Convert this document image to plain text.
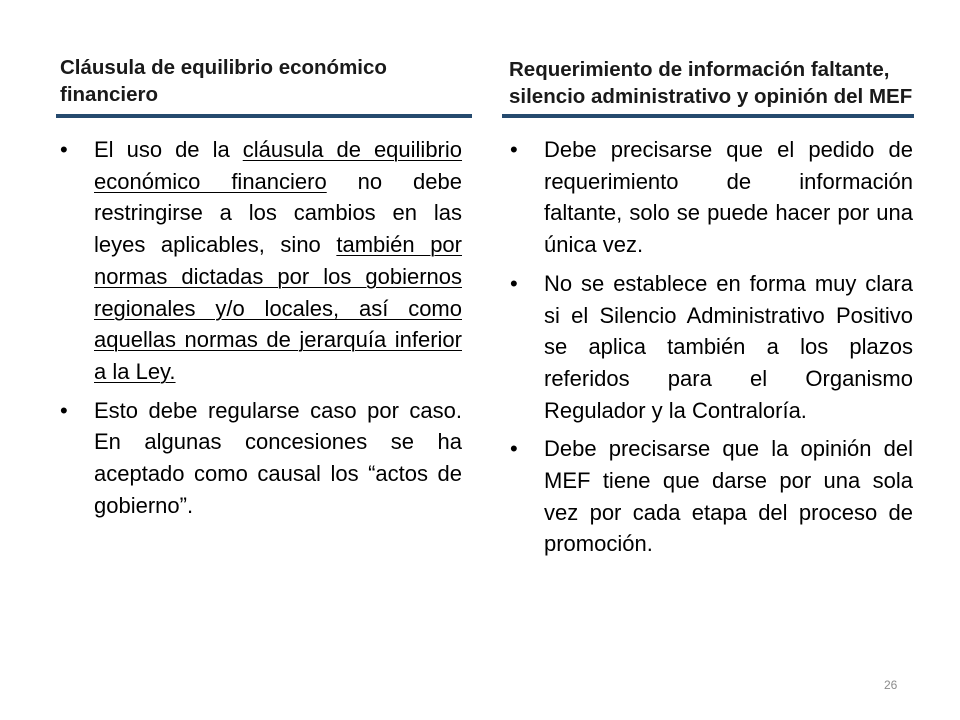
Cláusula de equilibrio económico financiero
Requerimiento de información faltante, silencio administrativo y opinión del MEF
•	El uso de la cláusula de equilibrio económico financiero no debe restringirse a los cambios en las leyes aplicables, sino también por normas dictadas por los gobiernos regionales y/o locales, así como aquellas normas de jerarquía inferior a la Ley.
•	Esto debe regularse caso por caso. En algunas concesiones se ha aceptado como causal los “actos de gobierno”.
•	Debe precisarse que el pedido de requerimiento de información faltante, solo se puede hacer por una única vez.
•	No se establece en forma muy clara si el Silencio Administrativo Positivo se aplica también a los plazos referidos para el Organismo Regulador y la Contraloría.
•	Debe precisarse que la opinión del MEF tiene que darse por una sola vez por cada etapa del proceso de promoción.
26
